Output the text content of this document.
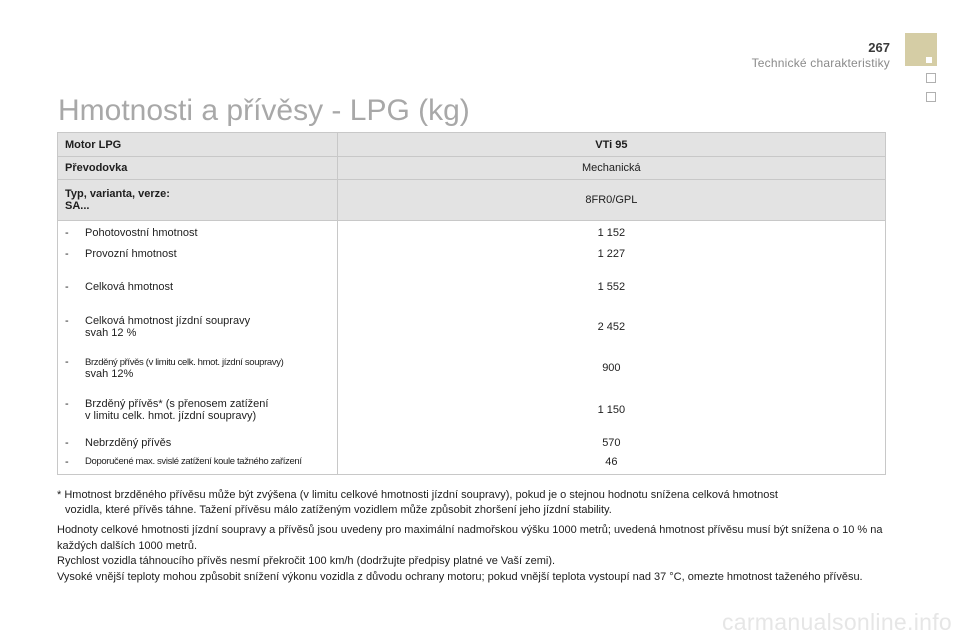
267
Technické charakteristiky
Hmotnosti a přívěsy - LPG (kg)
Motor LPG	VTi 95
Převodovka	Mechanická

Typ, varianta, verze:
SA...	8FR0/GPL
- Pohotovostní hmotnost	1 152

- Provozní hmotnost	1 227

- Celková hmotnost	1 552

- Celková hmotnost jízdní soupravy
svah 12 %	2 452

- Brzděný přívěs (v limitu celk. hmot. jízdní soupravy)
svah 12%	900

- Brzděný přívěs* (s přenosem zatížení
v limitu celk. hmot. jízdní soupravy)	1 150

- Nebrzděný přívěs	570

- Doporučené max. svislé zatížení koule tažného zařízení	46
* Hmotnost brzděného přívěsu může být zvýšena (v limitu celkové hmotnosti jízdní soupravy), pokud je o stejnou hodnotu snížena celková hmotnost
vozidla, které přívěs táhne. Tažení přívěsu málo zatíženým vozidlem může způsobit zhoršení jeho jízdní stability.

Hodnoty celkové hmotnosti jízdní soupravy a přívěsů jsou uvedeny pro maximální nadmořskou výšku 1000 metrů; uvedená hmotnost přívěsu musí být snížena o 10 % na každých dalších 1000 metrů.

Rychlost vozidla táhnoucího přívěs nesmí překročit 100 km/h (dodržujte předpisy platné ve Vaší zemi).

Vysoké vnější teploty mohou způsobit snížení výkonu vozidla z důvodu ochrany motoru; pokud vnější teplota vystoupí nad 37 °C, omezte hmotnost taženého přívěsu.

carmanualsonline.info
